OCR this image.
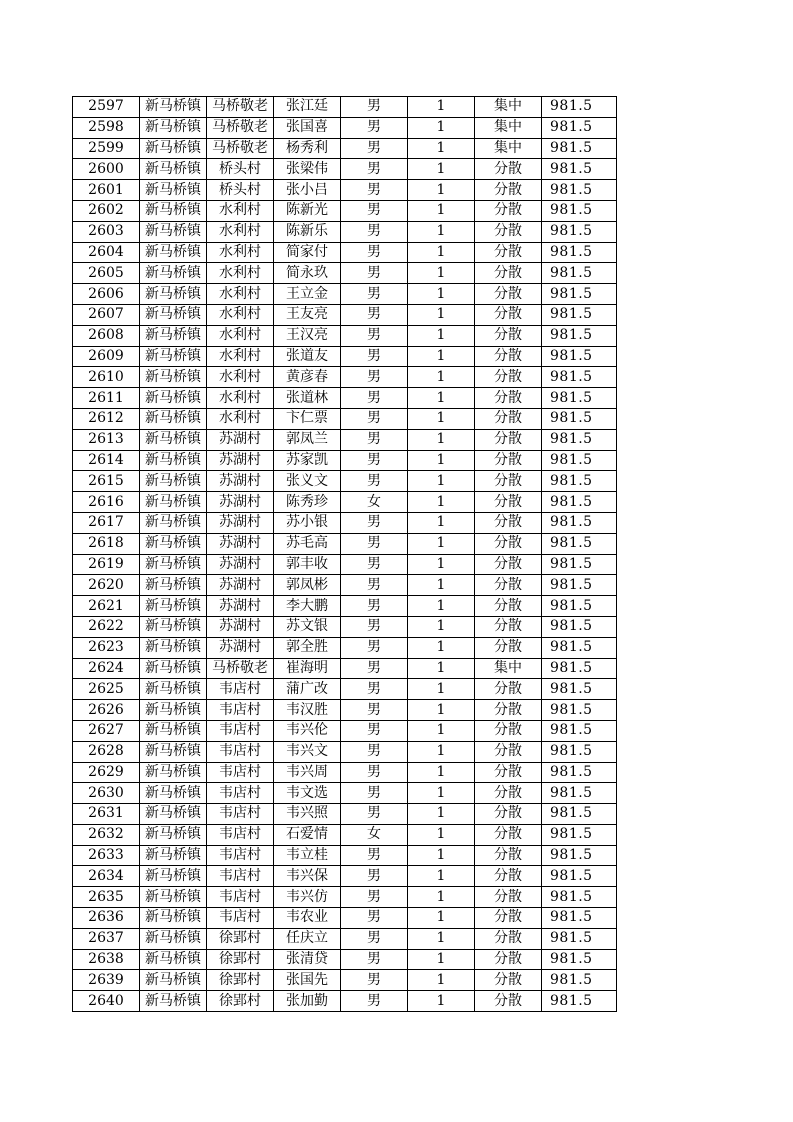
2597	新马桥镇	马桥敬老	张江廷	男	1	集中	981.5
2598	新马桥镇	马桥敬老	张国喜	男	1	集中	981.5
2599	新马桥镇	马桥敬老	杨秀利	男	1	集中	981.5
2600	新马桥镇	桥头村	张梁伟	男	1	分散	981.5
2601	新马桥镇	桥头村	张小吕	男	1	分散	981.5
2602	新马桥镇	水利村	陈新光	男	1	分散	981.5
2603	新马桥镇	水利村	陈新乐	男	1	分散	981.5
2604	新马桥镇	水利村	简家付	男	1	分散	981.5
2605	新马桥镇	水利村	简永玖	男	1	分散	981.5
2606	新马桥镇	水利村	王立金	男	1	分散	981.5
2607	新马桥镇	水利村	王友亮	男	1	分散	981.5
2608	新马桥镇	水利村	王汉亮	男	1	分散	981.5
2609	新马桥镇	水利村	张道友	男	1	分散	981.5
2610	新马桥镇	水利村	黄彦春	男	1	分散	981.5
2611	新马桥镇	水利村	张道林	男	1	分散	981.5
2612	新马桥镇	水利村	卞仁票	男	1	分散	981.5
2613	新马桥镇	苏湖村	郭凤兰	男	1	分散	981.5
2614	新马桥镇	苏湖村	苏家凯	男	1	分散	981.5
2615	新马桥镇	苏湖村	张义文	男	1	分散	981.5
2616	新马桥镇	苏湖村	陈秀珍	女	1	分散	981.5
2617	新马桥镇	苏湖村	苏小银	男	1	分散	981.5
2618	新马桥镇	苏湖村	苏毛高	男	1	分散	981.5
2619	新马桥镇	苏湖村	郭丰收	男	1	分散	981.5
2620	新马桥镇	苏湖村	郭凤彬	男	1	分散	981.5
2621	新马桥镇	苏湖村	李大鹏	男	1	分散	981.5
2622	新马桥镇	苏湖村	苏文银	男	1	分散	981.5
2623	新马桥镇	苏湖村	郭全胜	男	1	分散	981.5
2624	新马桥镇	马桥敬老	崔海明	男	1	集中	981.5
2625	新马桥镇	韦店村	蒲广改	男	1	分散	981.5
2626	新马桥镇	韦店村	韦汉胜	男	1	分散	981.5
2627	新马桥镇	韦店村	韦兴伦	男	1	分散	981.5
2628	新马桥镇	韦店村	韦兴文	男	1	分散	981.5
2629	新马桥镇	韦店村	韦兴周	男	1	分散	981.5
2630	新马桥镇	韦店村	韦文选	男	1	分散	981.5
2631	新马桥镇	韦店村	韦兴照	男	1	分散	981.5
2632	新马桥镇	韦店村	石爱情	女	1	分散	981.5
2633	新马桥镇	韦店村	韦立桂	男	1	分散	981.5
2634	新马桥镇	韦店村	韦兴保	男	1	分散	981.5
2635	新马桥镇	韦店村	韦兴仿	男	1	分散	981.5
2636	新马桥镇	韦店村	韦农业	男	1	分散	981.5
2637	新马桥镇	徐郢村	任庆立	男	1	分散	981.5
2638	新马桥镇	徐郢村	张清贷	男	1	分散	981.5
2639	新马桥镇	徐郢村	张国先	男	1	分散	981.5
2640	新马桥镇	徐郢村	张加勤	男	1	分散	981.5
